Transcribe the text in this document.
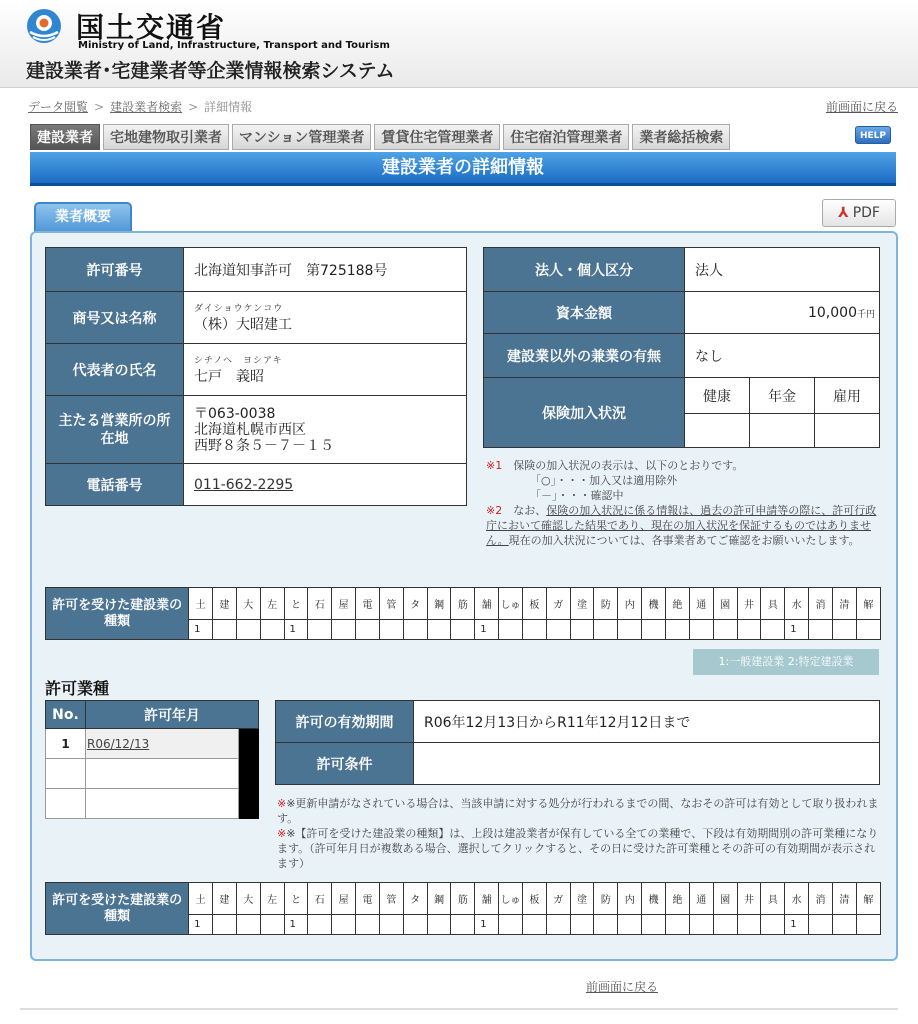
国土交通省
Ministry of Land, Infrastructure, Transport and Tourism
建設業者･宅建業者等企業情報検索システム
データ閲覧 > 建設業者検索 > 詳細情報	前画面に戻る
建設業者	宅地建物取引業者	マンション管理業者	賃貸住宅管理業者	住宅宿泊管理業者	業者総括検索	HELP
建設業者の詳細情報
業者概要	⅄ PDF
許可番号	北海道知事許可　第725188号
商号又は名称	ダイショウケンコウ
（株）大昭建工
代表者の氏名	シチノヘ　ヨシアキ
七戸　義昭
主たる営業所の所在地	〒063-0038
北海道札幌市西区
西野８条５－７－１５

電話番号	011-662-2295
法人・個人区分	法人		
資本金額	10,000千円		
建設業以外の兼業の有無	なし		
保険加入状況	健康	年金	雇用

※1　 保険の加入状況の表示は、以下のとおりです。
「○」・・・加入又は適用除外
「－」・・・確認中
※2　 なお、保険の加入状況に係る情報は、過去の許可申請等の際に、許可行政庁において確認した結果であり、現在の加入状況を保証するものではありません。現在の加入状況については、各事業者あてご確認をお願いいたします。
許可を受けた建設業の種類	土	建	大	左	と	石	屋	電	管	タ	鋼	筋	舗	しゅ	板	ガ	塗	防	内	機	絶	通	園	井	具	水	消	清	解
	1				1								1													1			
1:一般建設業 2:特定建設業
許可業種
No.	許可年月	
1	R06/12/13	

許可の有効期間	R06年12月13日からR11年12月12日まで
許可条件	
※※更新申請がなされている場合は、当該申請に対する処分が行われるまでの間、なおその許可は有効として取り扱われます。
※※【許可を受けた建設業の種類】は、上段は建設業者が保有している全ての業種で、下段は有効期間別の許可業種になります。（許可年月日が複数ある場合、選択してクリックすると、その日に受けた許可業種とその許可の有効期間が表示されます）
許可を受けた建設業の種類	土	建	大	左	と	石	屋	電	管	タ	鋼	筋	舗	しゅ	板	ガ	塗	防	内	機	絶	通	園	井	具	水	消	清	解
	1				1								1													1			
前画面に戻る
